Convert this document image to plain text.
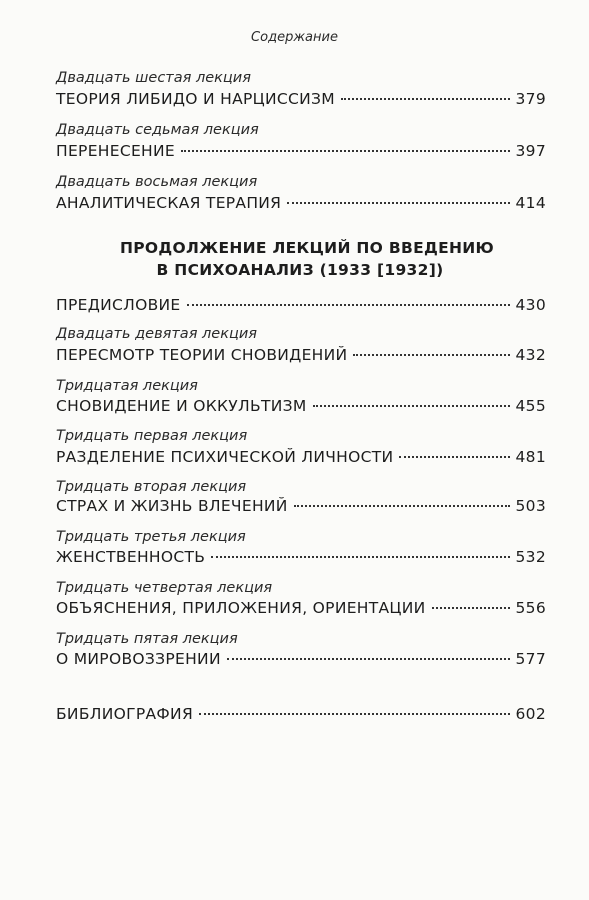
Содержание
Двадцать шестая лекция
ТЕОРИЯ ЛИБИДО И НАРЦИССИЗМ	379
Двадцать седьмая лекция
ПЕРЕНЕСЕНИЕ	397
Двадцать восьмая лекция
АНАЛИТИЧЕСКАЯ ТЕРАПИЯ	414
ПРОДОЛЖЕНИЕ ЛЕКЦИЙ ПО ВВЕДЕНИЮ
В ПСИХОАНАЛИЗ (1933 [1932])
ПРЕДИСЛОВИЕ	430
Двадцать девятая лекция
ПЕРЕСМОТР ТЕОРИИ СНОВИДЕНИЙ	432
Тридцатая лекция
СНОВИДЕНИЕ И ОККУЛЬТИЗМ	455
Тридцать первая лекция
РАЗДЕЛЕНИЕ ПСИХИЧЕСКОЙ ЛИЧНОСТИ	481
Тридцать вторая лекция
СТРАХ И ЖИЗНЬ ВЛЕЧЕНИЙ	503
Тридцать третья лекция
ЖЕНСТВЕННОСТЬ	532
Тридцать четвертая лекция
ОБЪЯСНЕНИЯ, ПРИЛОЖЕНИЯ, ОРИЕНТАЦИИ	556
Тридцать пятая лекция
О МИРОВОЗЗРЕНИИ	577
БИБЛИОГРАФИЯ	602
